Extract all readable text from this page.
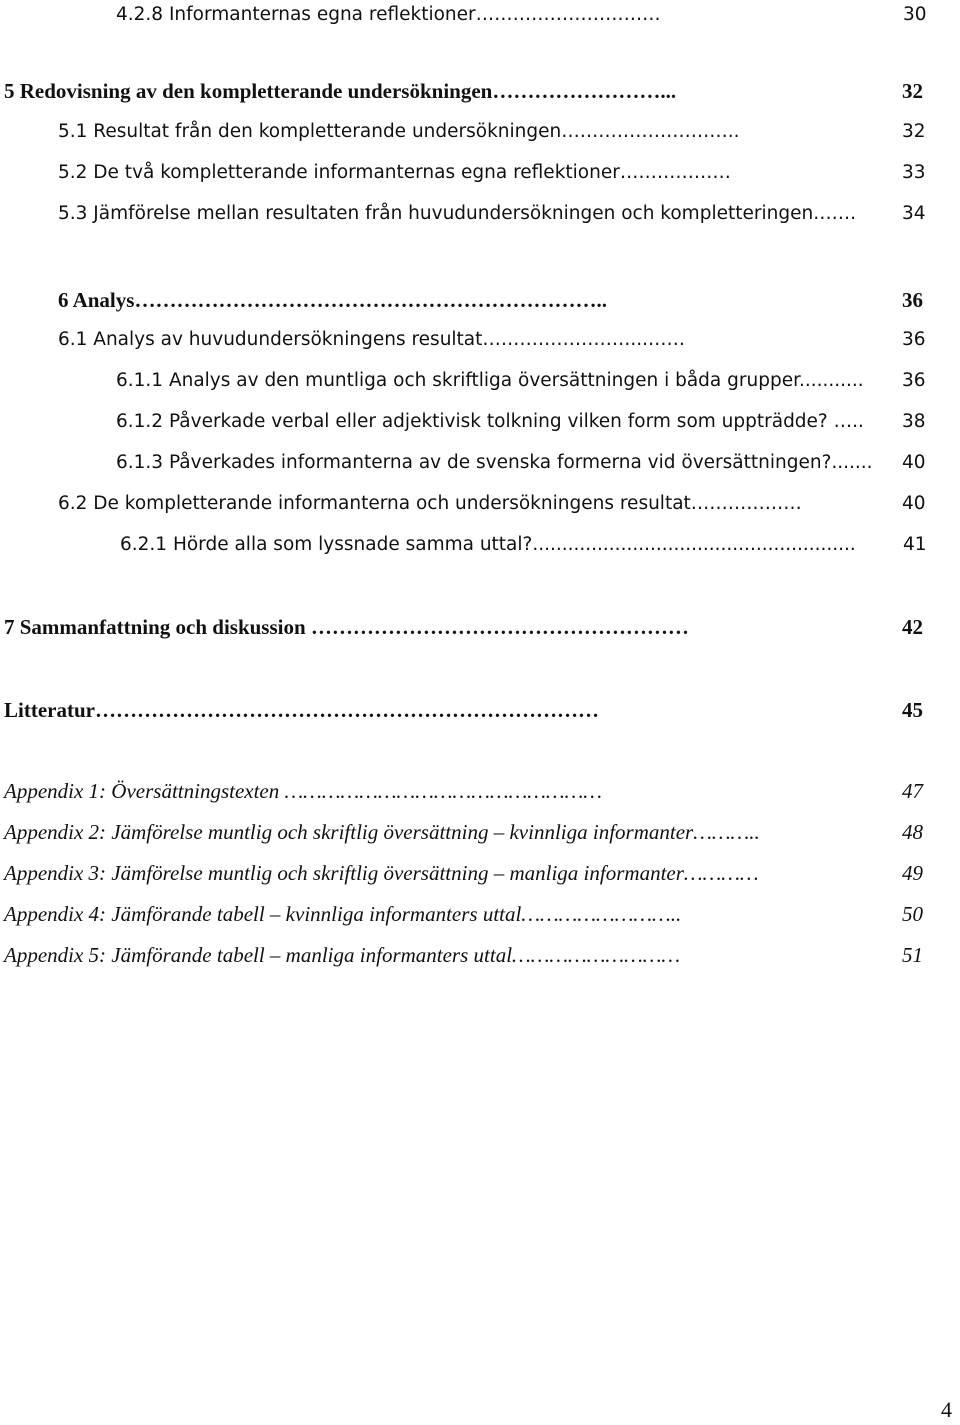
4.2.8 Informanternas egna reflektioner…………………………	30
5 Redovisning av den kompletterande undersökningen……………………...	32
5.1 Resultat från den kompletterande undersökningen………………………..	32
5.2 De två kompletterande informanternas egna reflektioner………………	33
5.3 Jämförelse mellan resultaten från huvudundersökningen och kompletteringen……. 34
6 Analys…………………………………………………………..	36
6.1 Analys av huvudundersökningens resultat……………………...……	36
6.1.1 Analys av den muntliga och skriftliga översättningen i båda grupper........... 36
6.1.2 Påverkade verbal eller adjektivisk tolkning vilken form som uppträdde? ….. 38
6.1.3 Påverkades informanterna av de svenska formerna vid översättningen?....... 40
6.2 De kompletterande informanterna och undersökningens resultat………………	40
6.2.1 Hörde alla som lyssnade samma uttal?.......................................................	41
7 Sammanfattning och diskussion ………………………………………………	42
Litteratur………………………………………………………………	45
Appendix 1: Översättningstexten ……………………………………………	47
Appendix 2: Jämförelse muntlig och skriftlig översättning – kvinnliga informanter………..	48
Appendix 3: Jämförelse muntlig och skriftlig översättning – manliga informanter…………	49
Appendix 4: Jämförande tabell – kvinnliga informanters uttal……………………..	50
Appendix 5: Jämförande tabell – manliga informanters uttal………………………	51
4
